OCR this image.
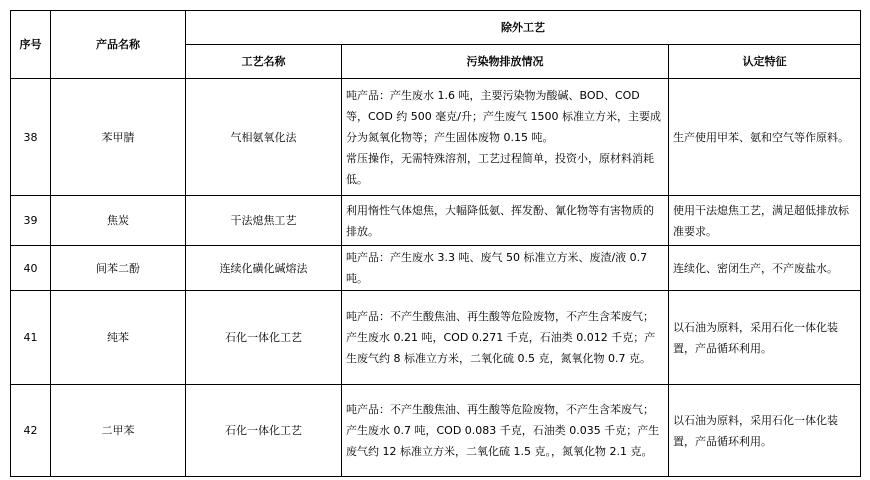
序号	产品名称	除外工艺		
		工艺名称	污染物排放情况	认定特征
38	苯甲腈	气相氨氧化法	吨产品：产生废水 1.6 吨，主要污染物为酸碱、BOD、COD 等，COD 约 500 毫克/升；产生废气 1500 标准立方米，主要成分为氮氧化物等；产生固体废物 0.15 吨。

常压操作，无需特殊溶剂，工艺过程简单，投资小，原材料消耗低。	生产使用甲苯、氨和空气等作原料。
39	焦炭	干法熄焦工艺	利用惰性气体熄焦，大幅降低氨、挥发酚、氰化物等有害物质的排放。	使用干法熄焦工艺，满足超低排放标准要求。
40	间苯二酚	连续化磺化碱熔法	吨产品：产生废水 3.3 吨、废气 50 标准立方米、废渣/液 0.7 吨。	连续化、密闭生产，不产废盐水。
41	纯苯	石化一体化工艺	吨产品：不产生酸焦油、再生酸等危险废物，不产生含苯废气；产生废水 0.21 吨，COD 0.271 千克，石油类 0.012 千克；产生废气约 8 标准立方米，二氧化硫 0.5 克，氮氧化物 0.7 克。	以石油为原料，采用石化一体化装置，产品循环利用。
42	二甲苯	石化一体化工艺	吨产品：不产生酸焦油、再生酸等危险废物，不产生含苯废气；产生废水 0.7 吨，COD 0.083 千克，石油类 0.035 千克；产生废气约 12 标准立方米，二氧化硫 1.5 克。，氮氧化物 2.1 克。	以石油为原料，采用石化一体化装置，产品循环利用。
